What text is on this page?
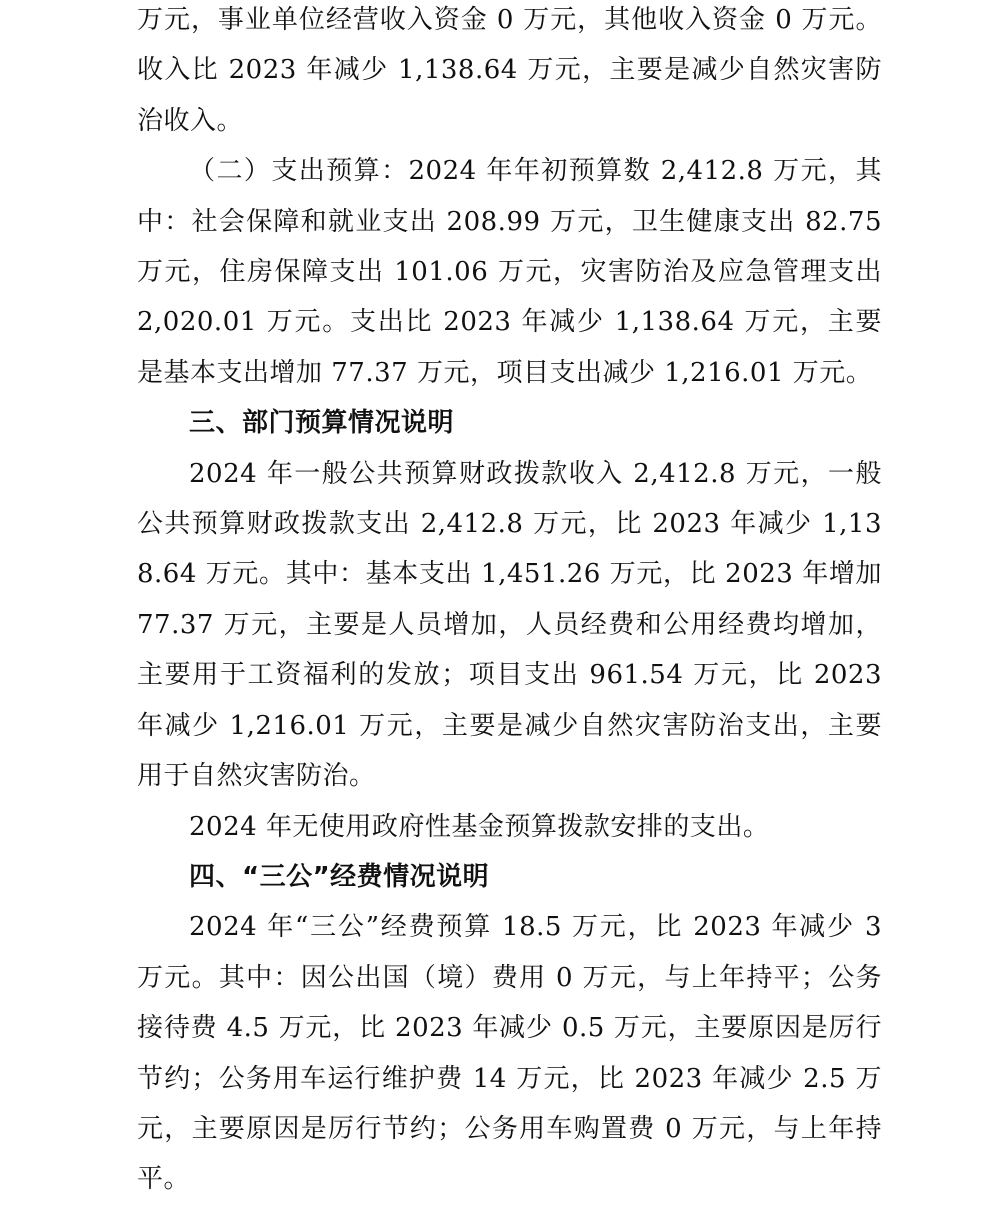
万元，事业单位经营收入资金 0 万元，其他收入资金 0 万元。收入比 2023 年减少 1,138.64 万元，主要是减少自然灾害防治收入。

（二）支出预算：2024 年年初预算数 2,412.8 万元，其中：社会保障和就业支出 208.99 万元，卫生健康支出 82.75 万元，住房保障支出 101.06 万元，灾害防治及应急管理支出 2,020.01 万元。支出比 2023 年减少 1,138.64 万元，主要是基本支出增加 77.37 万元，项目支出减少 1,216.01 万元。

三、部门预算情况说明

2024 年一般公共预算财政拨款收入 2,412.8 万元，一般公共预算财政拨款支出 2,412.8 万元，比 2023 年减少 1,138.64 万元。其中：基本支出 1,451.26 万元，比 2023 年增加 77.37 万元，主要是人员增加，人员经费和公用经费均增加，主要用于工资福利的发放；项目支出 961.54 万元，比 2023 年减少 1,216.01 万元，主要是减少自然灾害防治支出，主要用于自然灾害防治。

2024 年无使用政府性基金预算拨款安排的支出。

四、“三公”经费情况说明

2024 年“三公”经费预算 18.5 万元，比 2023 年减少 3 万元。其中：因公出国（境）费用 0 万元，与上年持平；公务接待费 4.5 万元，比 2023 年减少 0.5 万元，主要原因是厉行节约；公务用车运行维护费 14 万元，比 2023 年减少 2.5 万元，主要原因是厉行节约；公务用车购置费 0 万元，与上年持平。
